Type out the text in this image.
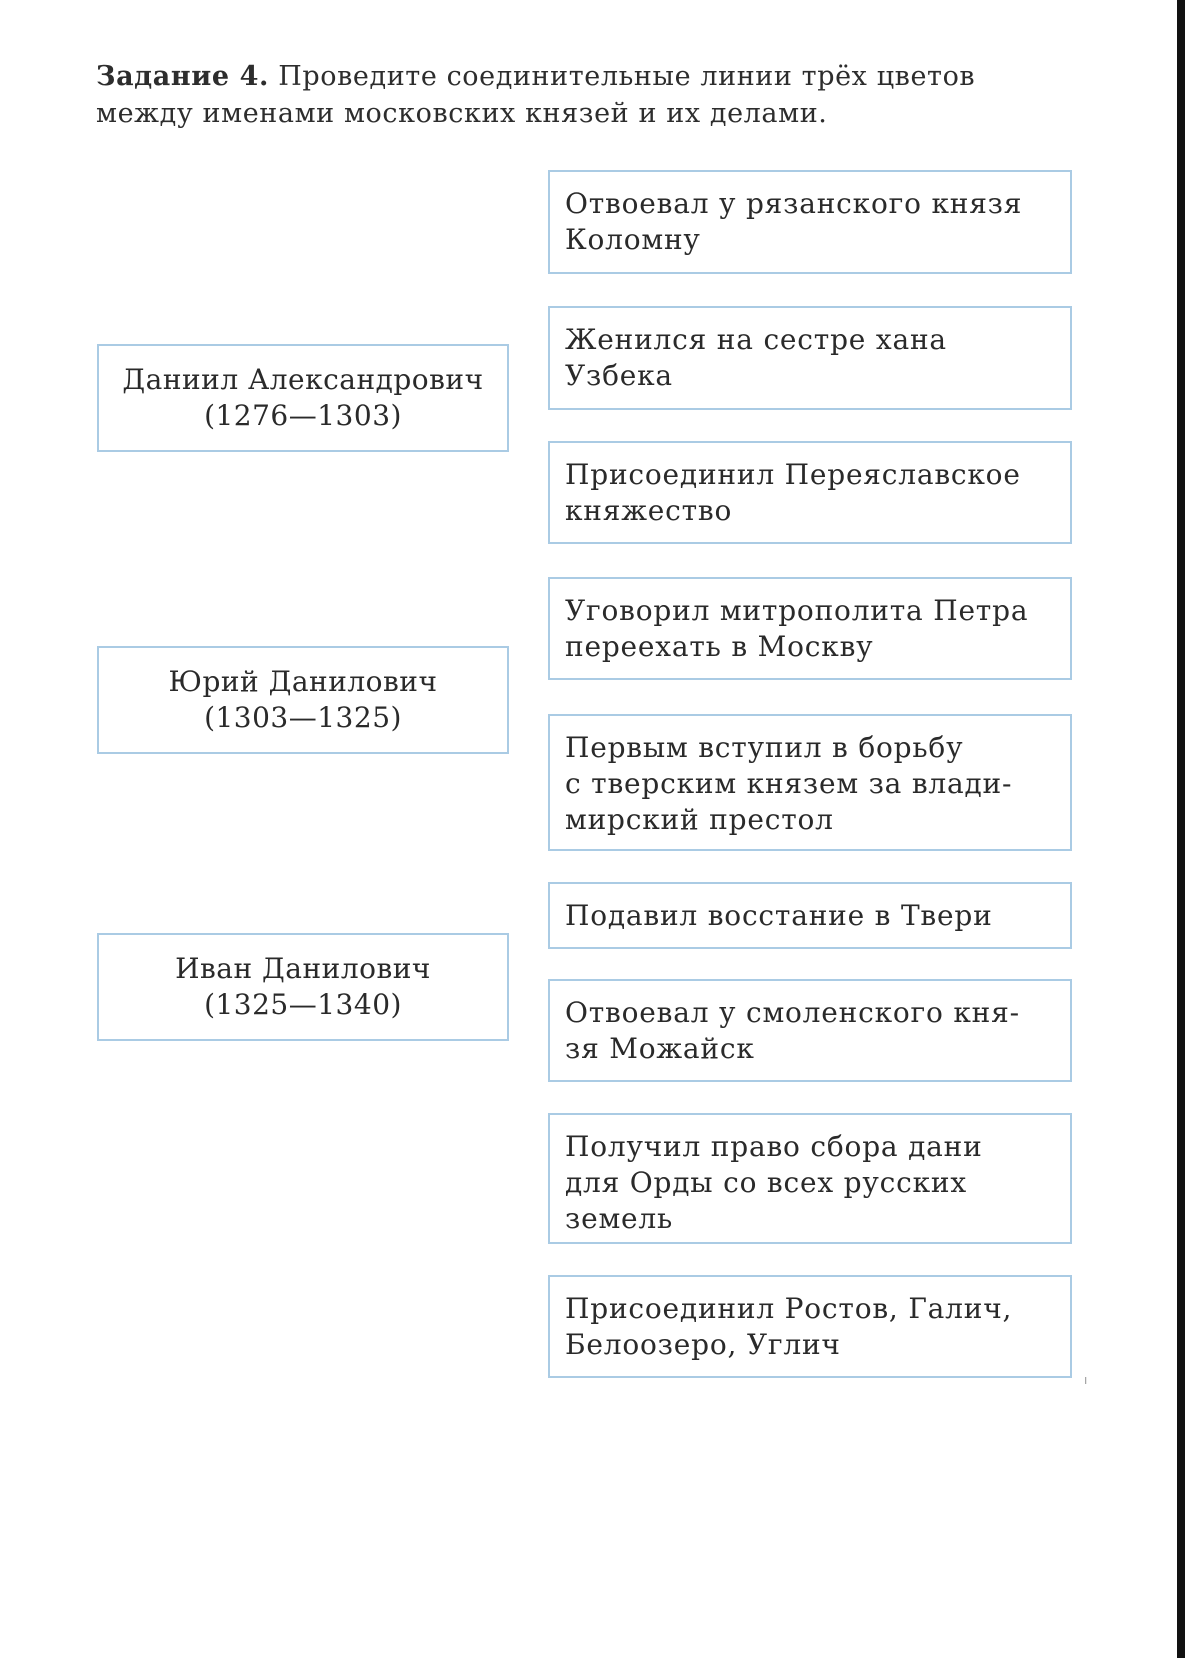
Задание 4. Проведите соединительные линии трёх цветов между именами московских князей и их делами.
Даниил Александрович
(1276—1303)
Юрий Данилович
(1303—1325)
Иван Данилович
(1325—1340)
Отвоевал у рязанского князя
Коломну
Женился на сестре хана
Узбека
Присоединил Переяславское
княжество
Уговорил митрополита Петра
переехать в Москву
Первым вступил в борьбу
с тверским князем за влади-
мирский престол
Подавил восстание в Твери
Отвоевал у смоленского кня-
зя Можайск
Получил право сбора дани
для Орды со всех русских
земель
Присоединил Ростов, Галич,
Белоозеро, Углич
ı
